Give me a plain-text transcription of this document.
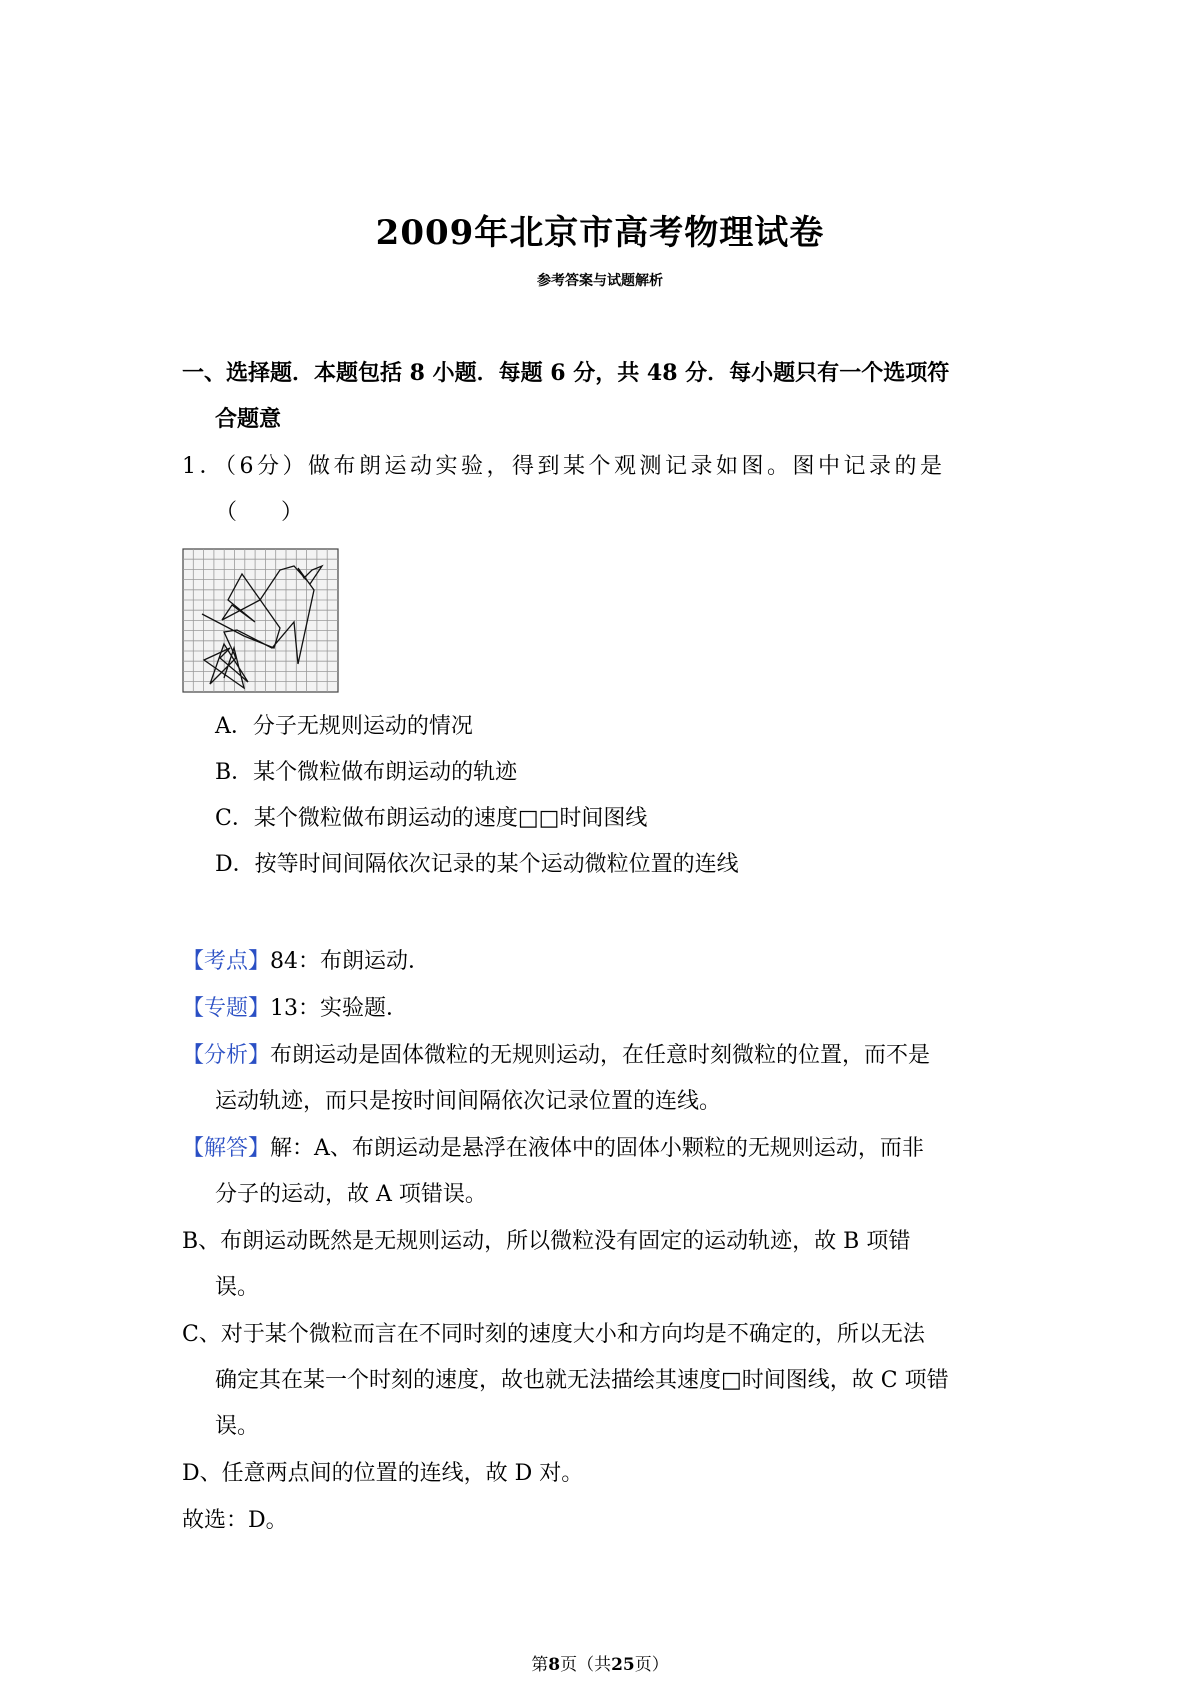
2009年北京市高考物理试卷
参考答案与试题解析
一、选择题．本题包括 8 小题．每题 6 分，共 48 分．每小题只有一个选项符
合题意
1．（6分）做布朗运动实验，得到某个观测记录如图。图中记录的是
（　　）
A．分子无规则运动的情况
B．某个微粒做布朗运动的轨迹
C．某个微粒做布朗运动的速度□□时间图线
D．按等时间间隔依次记录的某个运动微粒位置的连线
【考点】84：布朗运动．
【专题】13：实验题．
【分析】布朗运动是固体微粒的无规则运动，在任意时刻微粒的位置，而不是
运动轨迹，而只是按时间间隔依次记录位置的连线。
【解答】解：A、布朗运动是悬浮在液体中的固体小颗粒的无规则运动，而非
分子的运动，故 A 项错误。
B、布朗运动既然是无规则运动，所以微粒没有固定的运动轨迹，故 B 项错
误。
C、对于某个微粒而言在不同时刻的速度大小和方向均是不确定的，所以无法
确定其在某一个时刻的速度，故也就无法描绘其速度□时间图线，故 C 项错
误。
D、任意两点间的位置的连线，故 D 对。
故选：D。
第8页（共25页）
